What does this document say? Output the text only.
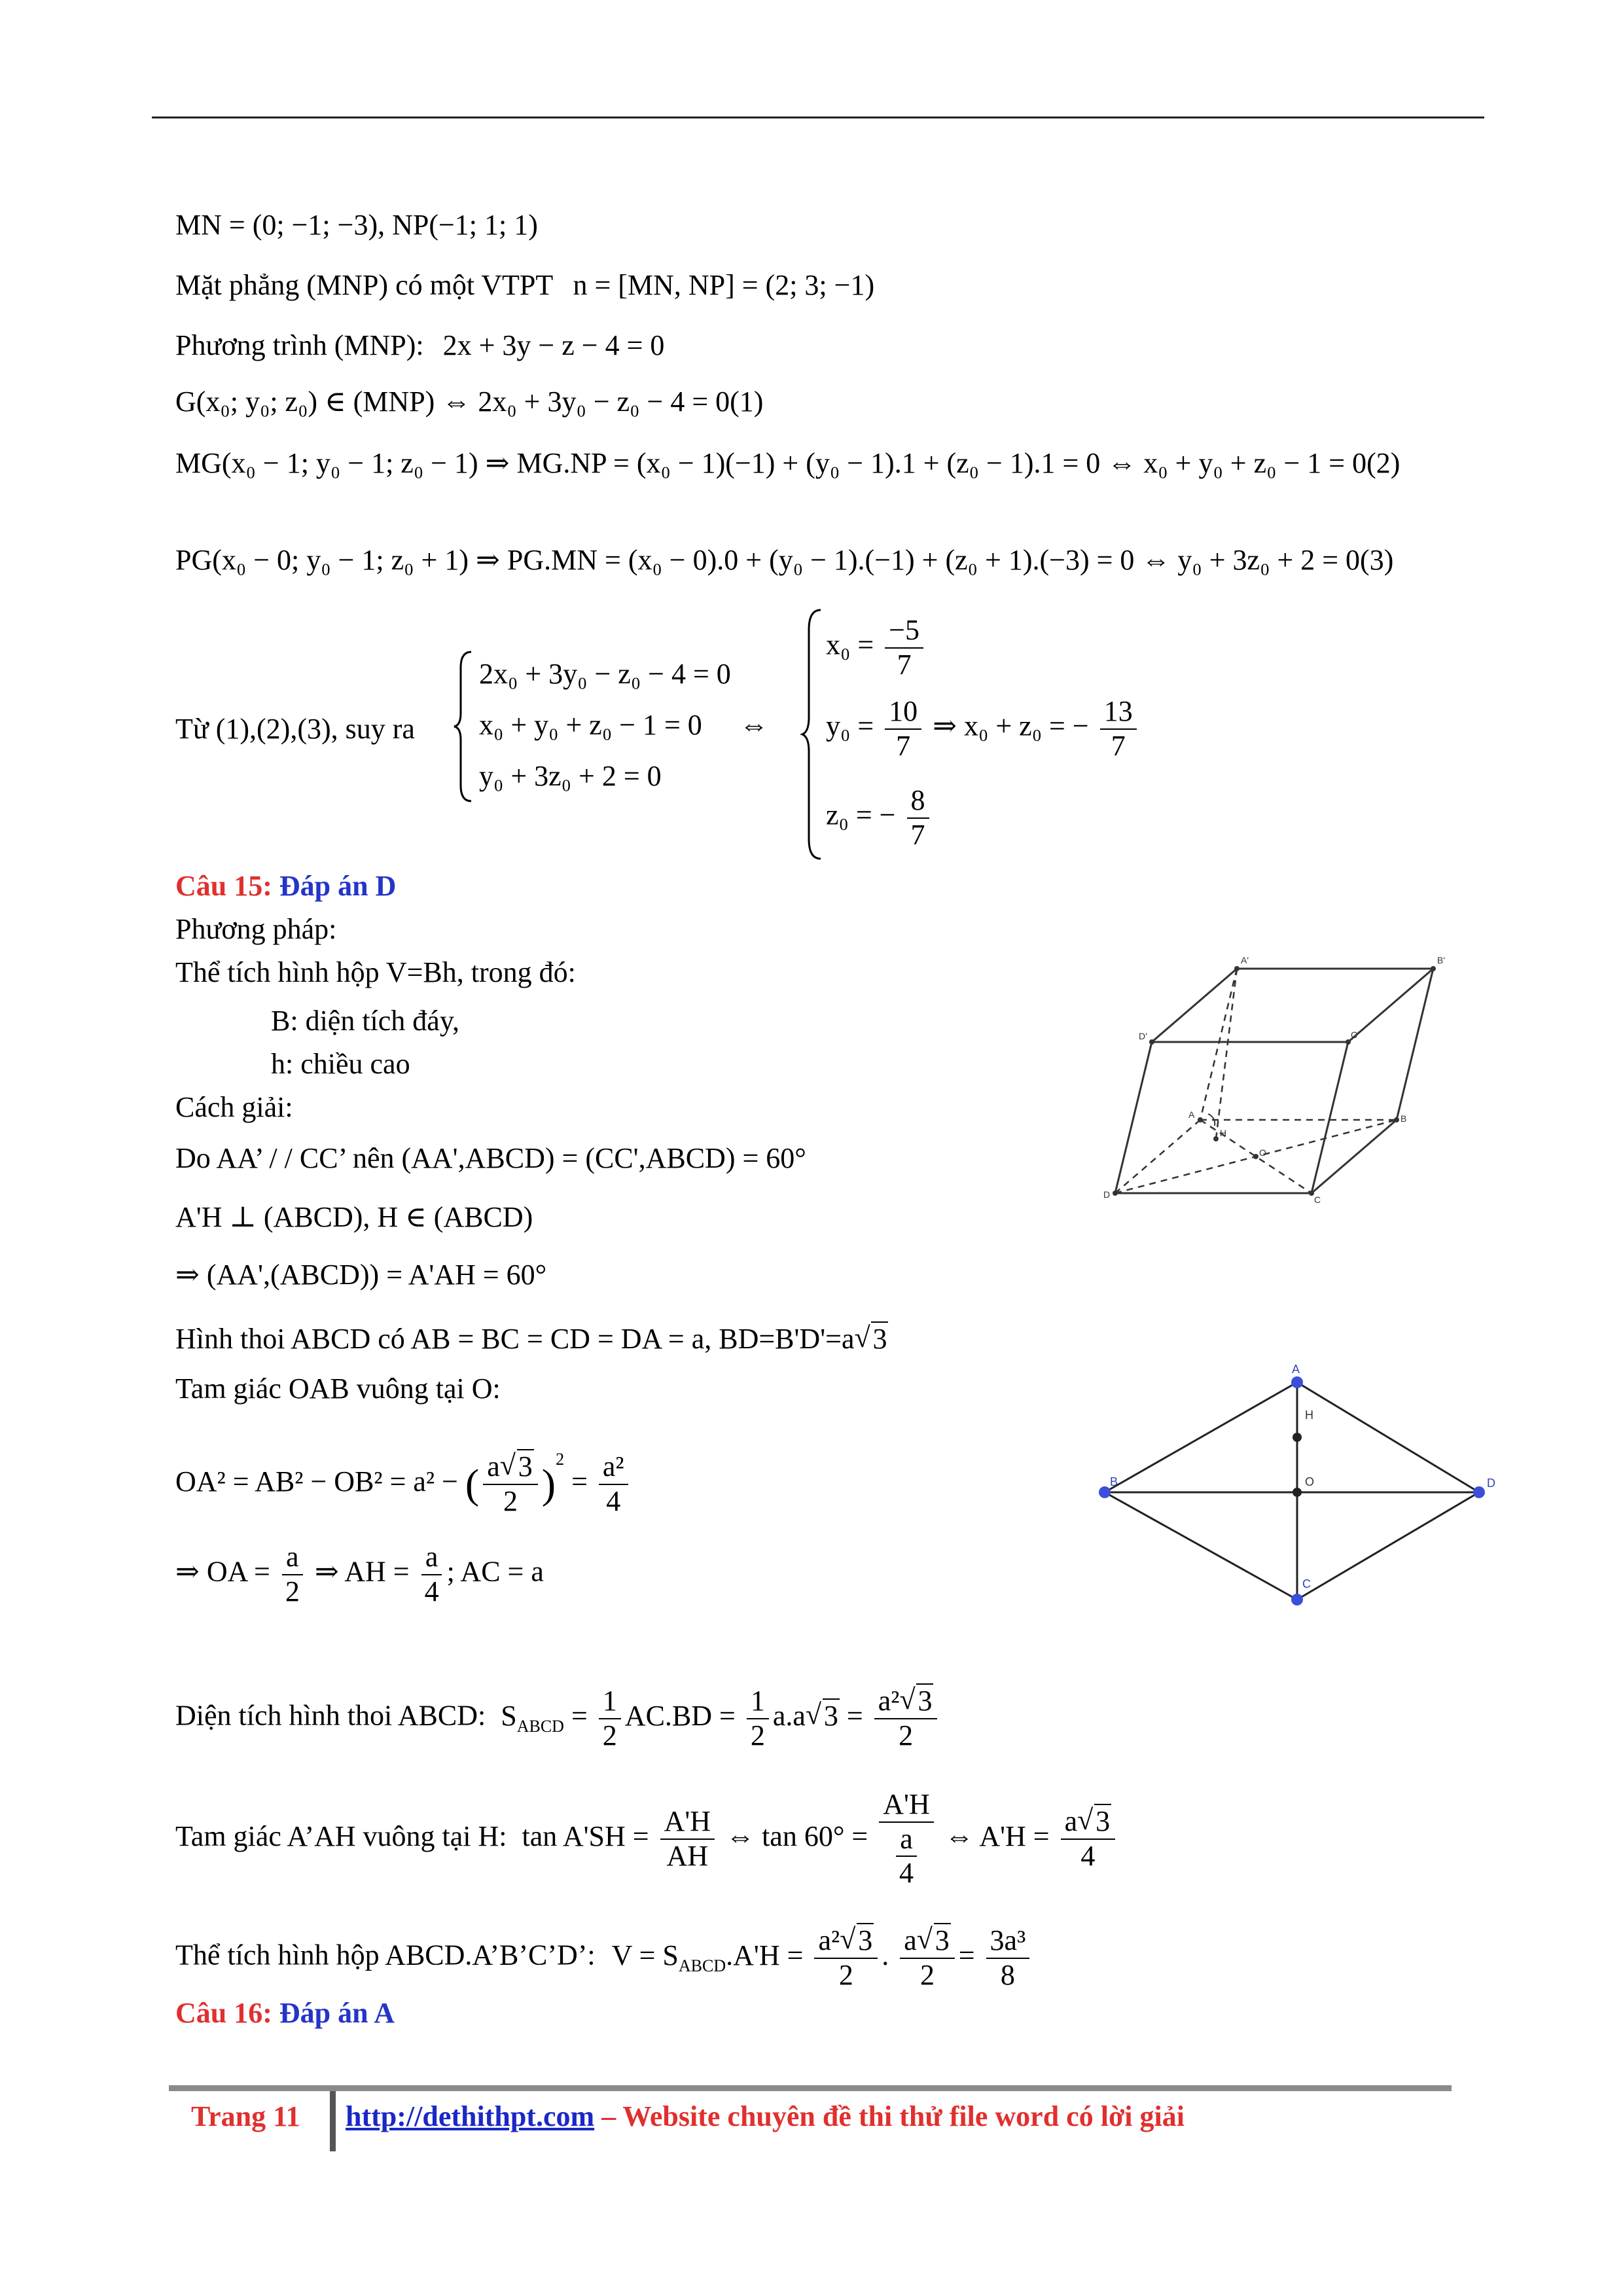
MN = (0; −1; −3), NP(−1; 1; 1)
Mặt phẳng (MNP) có một VTPT n = [MN, NP] = (2; 3; −1)
Phương trình (MNP): 2x + 3y − z − 4 = 0
G(x₀; y₀; z₀) ∈ (MNP) ⇔ 2x₀ + 3y₀ − z₀ − 4 = 0(1)
MG(x₀ − 1; y₀ − 1; z₀ − 1) ⇒ MG.NP = (x₀ − 1)(−1) + (y₀ − 1).1 + (z₀ − 1).1 = 0 ⇔ x₀ + y₀ + z₀ − 1 = 0(2)
PG(x₀ − 0; y₀ − 1; z₀ + 1) ⇒ PG.MN = (x₀ − 0).0 + (y₀ − 1).(−1) + (z₀ + 1).(−3) = 0 ⇔ y₀ + 3z₀ + 2 = 0(3)
Từ (1),(2),(3), suy ra
2x₀ + 3y₀ − z₀ − 4 = 0
x₀ + y₀ + z₀ − 1 = 0
y₀ + 3z₀ + 2 = 0
⇔
$x_0 = \frac{-5}{7}$
$y_0 = \frac{10}{7}$ ⇒ x₀ + z₀ = − $\frac{13}{7}$
z₀ = − $\frac{8}{7}$
Câu 15: Đáp án D
Phương pháp:
Thể tích hình hộp V=Bh, trong đó:
B: diện tích đáy,
h: chiều cao
Cách giải:
Do AA’ / / CC’ nên (AA',ABCD) = (CC',ABCD) = 60°
A'H ⊥ (ABCD), H ∈ (ABCD)
⇒ (AA',(ABCD)) = A'AH = 60°
Hình thoi ABCD có AB = BC = CD = DA = a, BD=B'D'=a√ 3
Tam giác OAB vuông tại O:
OA² = AB² − OB² = a² − ( $\frac{a√ 3}{2} )^2 = \frac{\text{a²}}{4}$
⇒ OA = $\frac{a}{2}$ ⇒ AH = $\frac{a}{4}$ ; AC = a
Diện tích hình thoi ABCD: $S_{ABCD} = \frac{1}{2} AC.BD = \frac{1}{2} a.a√$ $3 = \frac{\text{a²√ 3}}{2}$
Tam giác A’AH vuông tại H: $\tan A'SH = \frac{A'H}{AH}$ ⇔ $\tan 60^\circ = \frac{A'H}{\frac{a}{4}}$ ⇔ $A'H = \frac{a√ 3}{4}$
Thể tích hình hộp ABCD.A’B’C’D’: $V = S_{ABCD}.A'H = \frac{\text{a²√ 3}}{2}$ . $\frac{a√ 3}{2} = \frac{\text{3a³}}{8}$
Câu 16: Đáp án A
A'	B'
D'	C'
A
H
O
B
D	C
A
H
B	O	D
C
Trang 11 http://dethithpt.com – Website chuyên đề thi thử file word có lời giải
